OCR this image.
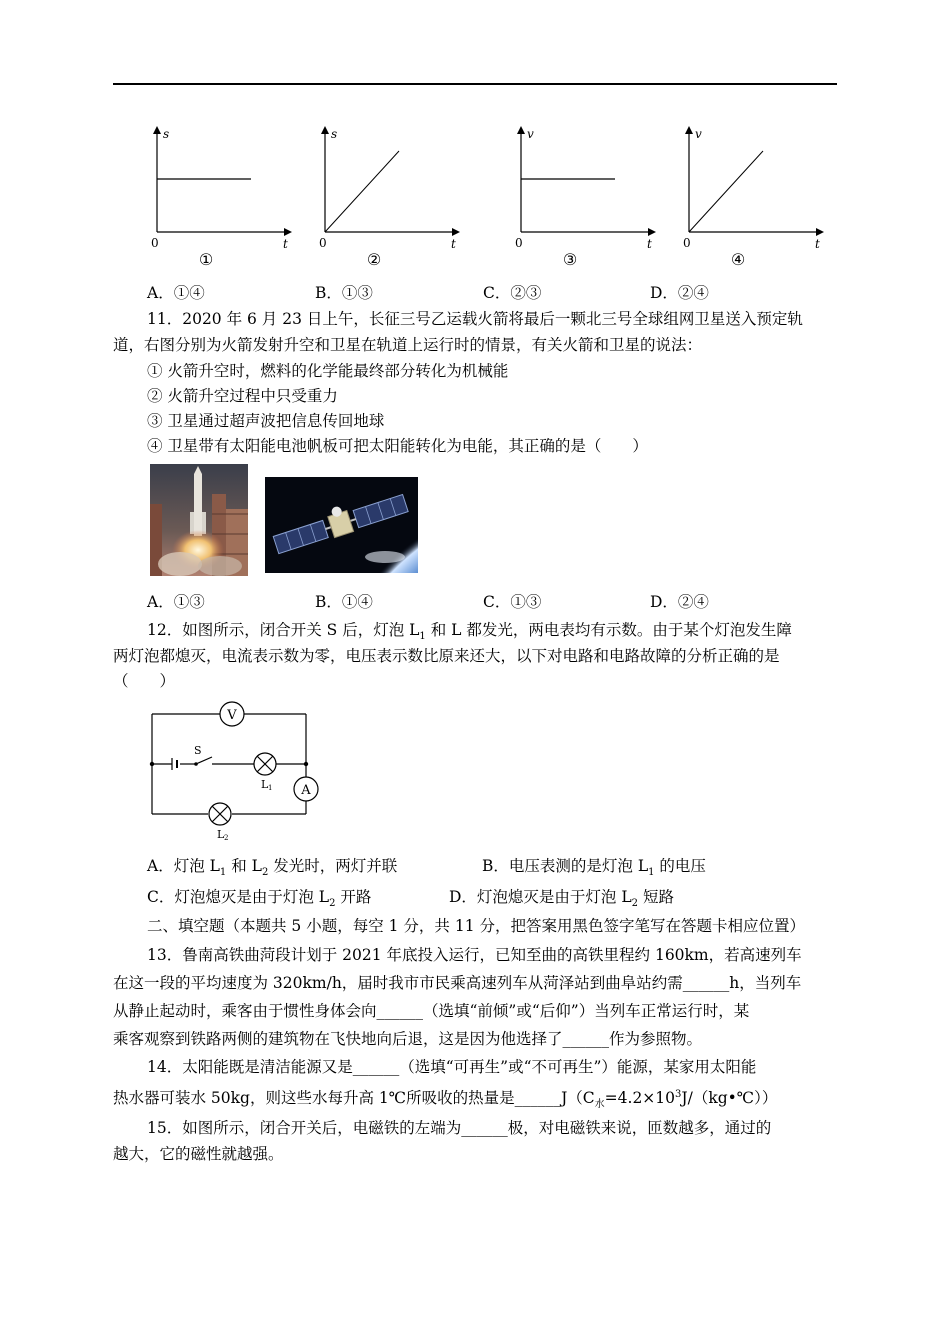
s
t
0
①
s
t
0
②
v
t
0
③
v
t
0
④
A．①④	B．①③	C．②③	D．②④
11．2020 年 6 月 23 日上午，长征三号乙运载火箭将最后一颗北三号全球组网卫星送入预定轨
道，右图分别为火箭发射升空和卫星在轨道上运行时的情景，有关火箭和卫星的说法：
① 火箭升空时，燃料的化学能最终部分转化为机械能
② 火箭升空过程中只受重力
③ 卫星通过超声波把信息传回地球
④ 卫星带有太阳能电池帆板可把太阳能转化为电能，其正确的是（　　）
A．①③	B．①④	C．①③	D．②④
12．如图所示，闭合开关 S 后，灯泡 $L_1$ 和 L 都发光，两电表均有示数。由于某个灯泡发生障
两灯泡都熄灭，电流表示数为零，电压表示数比原来还大，以下对电路和电路故障的分析正确的是
（　　）
V
A
S
L 1
L 2
A．灯泡 $L_1$ 和 $L_2$ 发光时，两灯并联	B．电压表测的是灯泡 $L_1$ 的电压
C．灯泡熄灭是由于灯泡 $L_2$ 开路	D．灯泡熄灭是由于灯泡 $L_2$ 短路
二、填空题（本题共 5 小题，每空 1 分，共 11 分，把答案用黑色签字笔写在答题卡相应位置）
13．鲁南高铁曲菏段计划于 2021 年底投入运行，已知至曲的高铁里程约 160km，若高速列车
在这一段的平均速度为 320km/h，届时我市市民乘高速列车从菏泽站到曲阜站约需______h，当列车
从静止起动时，乘客由于惯性身体会向______（选填“前倾”或“后仰”）当列车正常运行时，某
乘客观察到铁路两侧的建筑物在飞快地向后退，这是因为他选择了______作为参照物。
14．太阳能既是清洁能源又是______（选填“可再生”或“不可再生”）能源，某家用太阳能
热水器可装水 50kg，则这些水每升高 1℃所吸收的热量是$\_\_\_\_\_\_J(C_水=4.2\times 10^3J/(kg•℃))$
15．如图所示，闭合开关后，电磁铁的左端为______极，对电磁铁来说，匝数越多，通过的
越大，它的磁性就越强。
